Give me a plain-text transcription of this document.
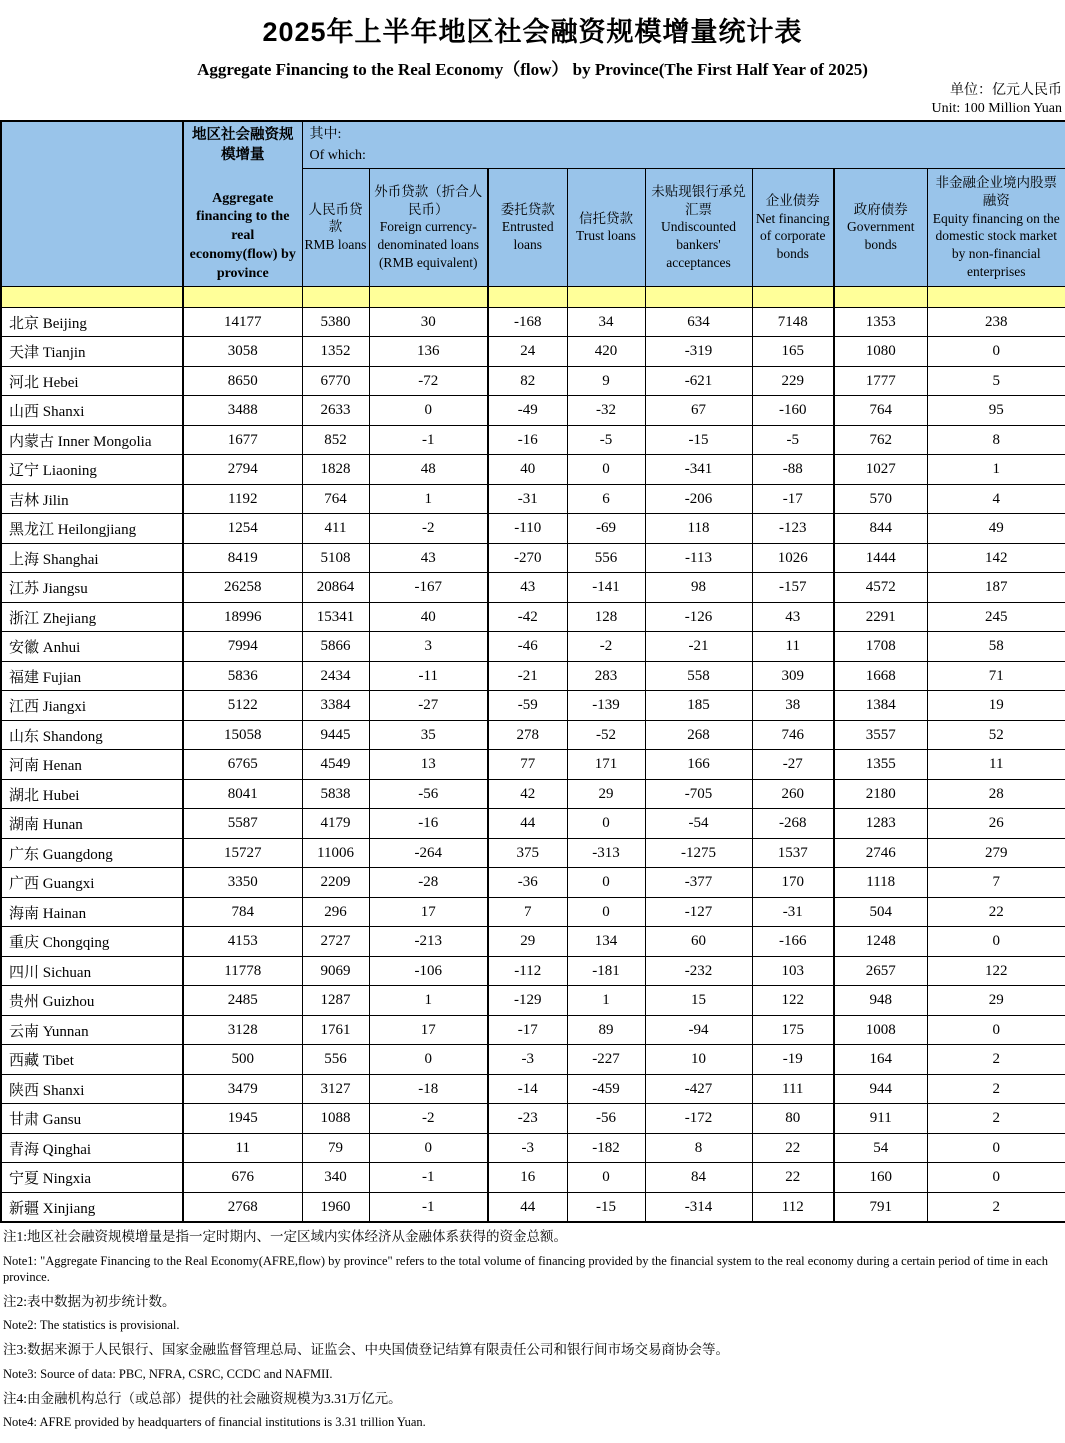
2025年上半年地区社会融资规模增量统计表
Aggregate Financing to the Real Economy（flow） by Province(The First Half Year of 2025)
单位：亿元人民币
Unit: 100 Million Yuan

地区社会融资规模增量
Aggregate financing to the real economy(flow) by province
	其中:
Of which:
		人民币贷款
RMB loans	外币贷款（折合人民币）
Foreign currency-denominated loans (RMB equivalent)	委托贷款
Entrusted loans	信托贷款
Trust loans	未贴现银行承兑汇票
Undiscounted bankers' acceptances	企业债券
Net financing of corporate bonds	政府债券
Government bonds	非金融企业境内股票融资
Equity financing on the domestic stock market by non-financial enterprises

北京 Beijing	14177	5380	30	-168	34	634	7148	1353	238
天津 Tianjin	3058	1352	136	24	420	-319	165	1080	0
河北 Hebei	8650	6770	-72	82	9	-621	229	1777	5
山西 Shanxi	3488	2633	0	-49	-32	67	-160	764	95
内蒙古 Inner Mongolia	1677	852	-1	-16	-5	-15	-5	762	8
辽宁 Liaoning	2794	1828	48	40	0	-341	-88	1027	1
吉林 Jilin	1192	764	1	-31	6	-206	-17	570	4
黑龙江 Heilongjiang	1254	411	-2	-110	-69	118	-123	844	49
上海 Shanghai	8419	5108	43	-270	556	-113	1026	1444	142
江苏 Jiangsu	26258	20864	-167	43	-141	98	-157	4572	187
浙江 Zhejiang	18996	15341	40	-42	128	-126	43	2291	245
安徽 Anhui	7994	5866	3	-46	-2	-21	11	1708	58
福建 Fujian	5836	2434	-11	-21	283	558	309	1668	71
江西 Jiangxi	5122	3384	-27	-59	-139	185	38	1384	19
山东 Shandong	15058	9445	35	278	-52	268	746	3557	52
河南 Henan	6765	4549	13	77	171	166	-27	1355	11
湖北 Hubei	8041	5838	-56	42	29	-705	260	2180	28
湖南 Hunan	5587	4179	-16	44	0	-54	-268	1283	26
广东 Guangdong	15727	11006	-264	375	-313	-1275	1537	2746	279
广西 Guangxi	3350	2209	-28	-36	0	-377	170	1118	7
海南 Hainan	784	296	17	7	0	-127	-31	504	22
重庆 Chongqing	4153	2727	-213	29	134	60	-166	1248	0
四川 Sichuan	11778	9069	-106	-112	-181	-232	103	2657	122
贵州 Guizhou	2485	1287	1	-129	1	15	122	948	29
云南 Yunnan	3128	1761	17	-17	89	-94	175	1008	0
西藏 Tibet	500	556	0	-3	-227	10	-19	164	2
陕西 Shanxi	3479	3127	-18	-14	-459	-427	111	944	2
甘肃 Gansu	1945	1088	-2	-23	-56	-172	80	911	2
青海 Qinghai	11	79	0	-3	-182	8	22	54	0
宁夏 Ningxia	676	340	-1	16	0	84	22	160	0
新疆 Xinjiang	2768	1960	-1	44	-15	-314	112	791	2
注1:地区社会融资规模增量是指一定时期内、一定区域内实体经济从金融体系获得的资金总额。
Note1: "Aggregate Financing to the Real Economy(AFRE,flow) by province" refers to the total volume of financing provided by the financial system to the real economy during a certain period of time in each province.
注2:表中数据为初步统计数。
Note2: The statistics is provisional.
注3:数据来源于人民银行、国家金融监督管理总局、证监会、中央国债登记结算有限责任公司和银行间市场交易商协会等。
Note3: Source of data: PBC, NFRA, CSRC, CCDC and NAFMII.
注4:由金融机构总行（或总部）提供的社会融资规模为3.31万亿元。
Note4: AFRE provided by headquarters of financial institutions is 3.31 trillion Yuan.
